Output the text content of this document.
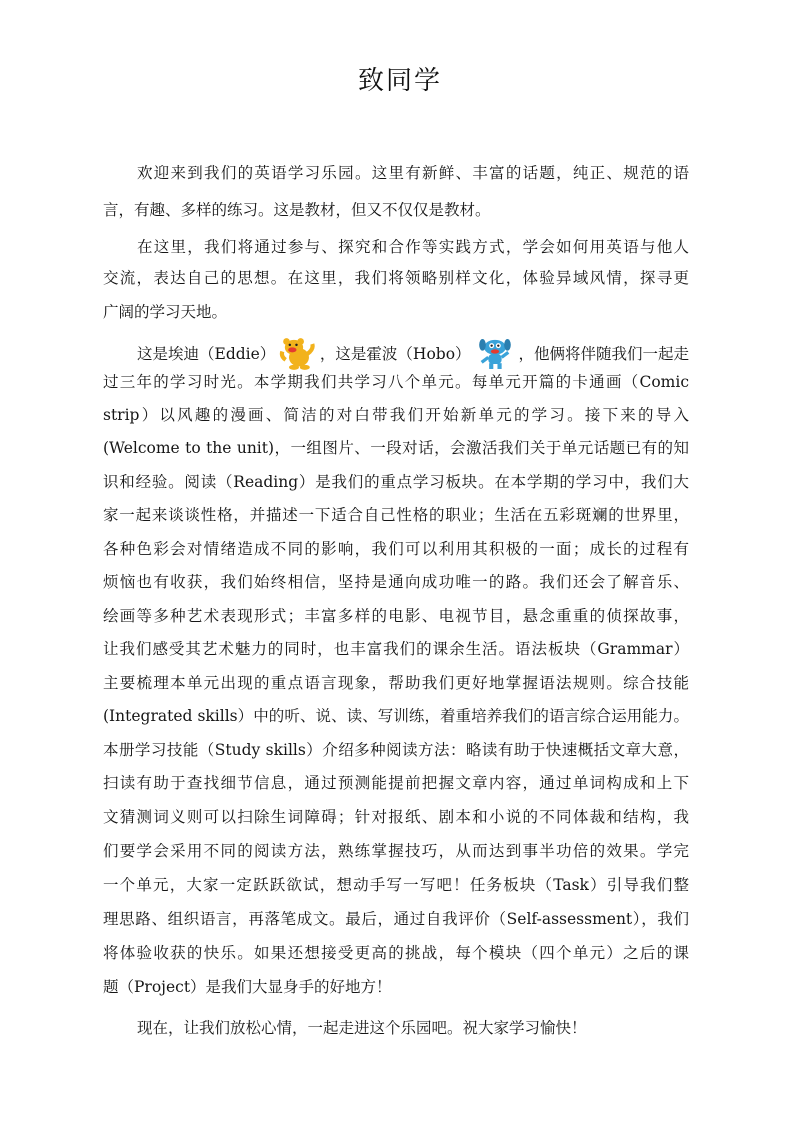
致同学
欢迎来到我们的英语学习乐园。这里有新鲜、丰富的话题，纯正、规范的语
言，有趣、多样的练习。这是教材，但又不仅仅是教材。
在这里，我们将通过参与、探究和合作等实践方式，学会如何用英语与他人
交流，表达自己的思想。在这里，我们将领略别样文化，体验异域风情，探寻更
广阔的学习天地。
这是埃迪（Eddie）	，这是霍波（Hobo）	，他俩将伴随我们一起走
过三年的学习时光。本学期我们共学习八个单元。每单元开篇的卡通画（Comic
strip）以风趣的漫画、简洁的对白带我们开始新单元的学习。接下来的导入
(Welcome to the unit)，一组图片、一段对话，会激活我们关于单元话题已有的知
识和经验。阅读（Reading）是我们的重点学习板块。在本学期的学习中，我们大
家一起来谈谈性格，并描述一下适合自己性格的职业；生活在五彩斑斓的世界里，
各种色彩会对情绪造成不同的影响，我们可以利用其积极的一面；成长的过程有
烦恼也有收获，我们始终相信，坚持是通向成功唯一的路。我们还会了解音乐、
绘画等多种艺术表现形式；丰富多样的电影、电视节目，悬念重重的侦探故事，
让我们感受其艺术魅力的同时，也丰富我们的课余生活。语法板块（Grammar）
主要梳理本单元出现的重点语言现象，帮助我们更好地掌握语法规则。综合技能
(Integrated skills）中的听、说、读、写训练，着重培养我们的语言综合运用能力。
本册学习技能（Study skills）介绍多种阅读方法：略读有助于快速概括文章大意，
扫读有助于查找细节信息，通过预测能提前把握文章内容，通过单词构成和上下
文猜测词义则可以扫除生词障碍；针对报纸、剧本和小说的不同体裁和结构，我
们要学会采用不同的阅读方法，熟练掌握技巧，从而达到事半功倍的效果。学完
一个单元，大家一定跃跃欲试，想动手写一写吧！任务板块（Task）引导我们整
理思路、组织语言，再落笔成文。最后，通过自我评价（Self-assessment），我们
将体验收获的快乐。如果还想接受更高的挑战，每个模块（四个单元）之后的课
题（Project）是我们大显身手的好地方！
现在，让我们放松心情，一起走进这个乐园吧。祝大家学习愉快！
